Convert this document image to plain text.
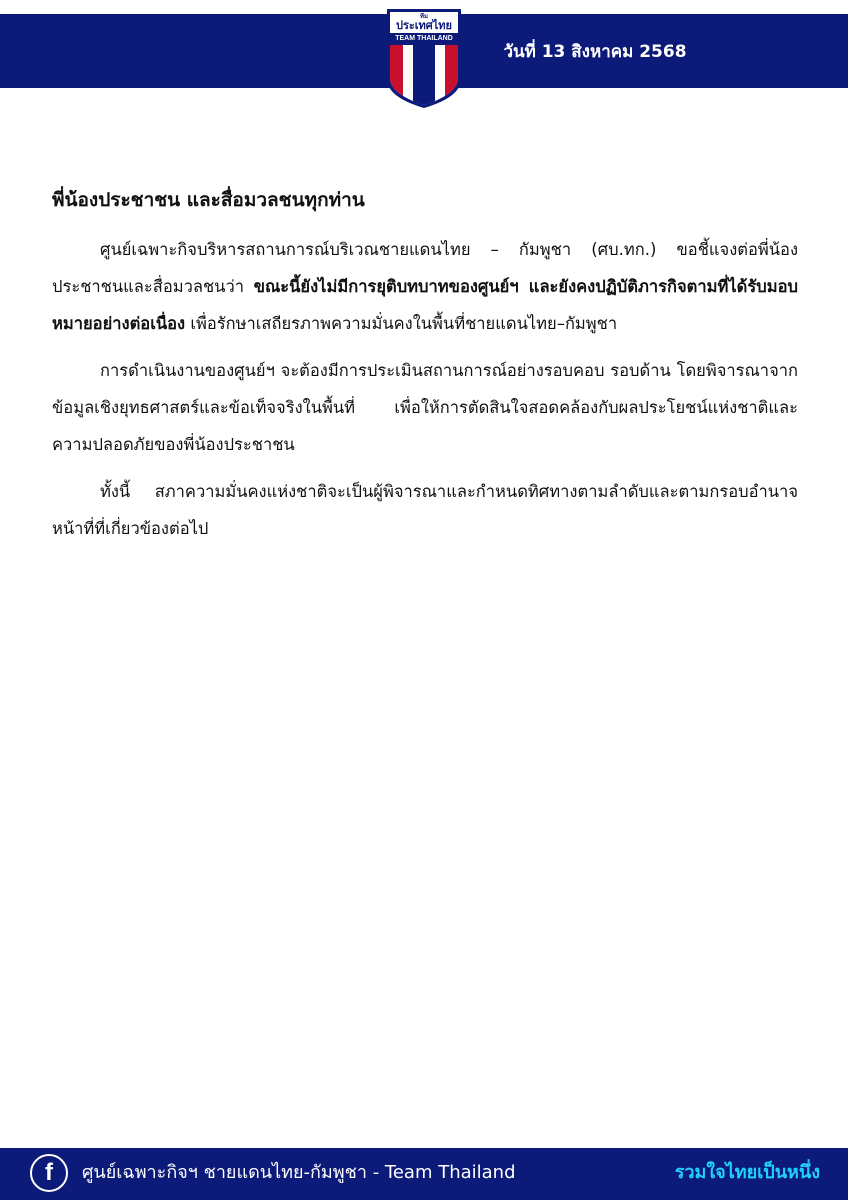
วันที่ 13 สิงหาคม 2568
ทีม
ประเทศไทย
TEAM THAILAND

พี่น้องประชาชน และสื่อมวลชนทุกท่าน

ศูนย์เฉพาะกิจบริหารสถานการณ์บริเวณชายแดนไทย – กัมพูชา (ศบ.ทก.) ขอชี้แจงต่อพี่น้องประชาชนและสื่อมวลชนว่า ขณะนี้ยังไม่มีการยุติบทบาทของศูนย์ฯ และยังคงปฏิบัติภารกิจตามที่ได้รับมอบหมายอย่างต่อเนื่อง เพื่อรักษาเสถียรภาพความมั่นคงในพื้นที่ชายแดนไทย–กัมพูชา

การดำเนินงานของศูนย์ฯ จะต้องมีการประเมินสถานการณ์อย่างรอบคอบ รอบด้าน โดยพิจารณาจากข้อมูลเชิงยุทธศาสตร์และข้อเท็จจริงในพื้นที่ เพื่อให้การตัดสินใจสอดคล้องกับผลประโยชน์แห่งชาติและความปลอดภัยของพี่น้องประชาชน

ทั้งนี้ สภาความมั่นคงแห่งชาติจะเป็นผู้พิจารณาและกำหนดทิศทางตามลำดับและตามกรอบอำนาจหน้าที่ที่เกี่ยวข้องต่อไป

f	ศูนย์เฉพาะกิจฯ ชายแดนไทย-กัมพูชา - Team Thailand	รวมใจไทยเป็นหนึ่ง
